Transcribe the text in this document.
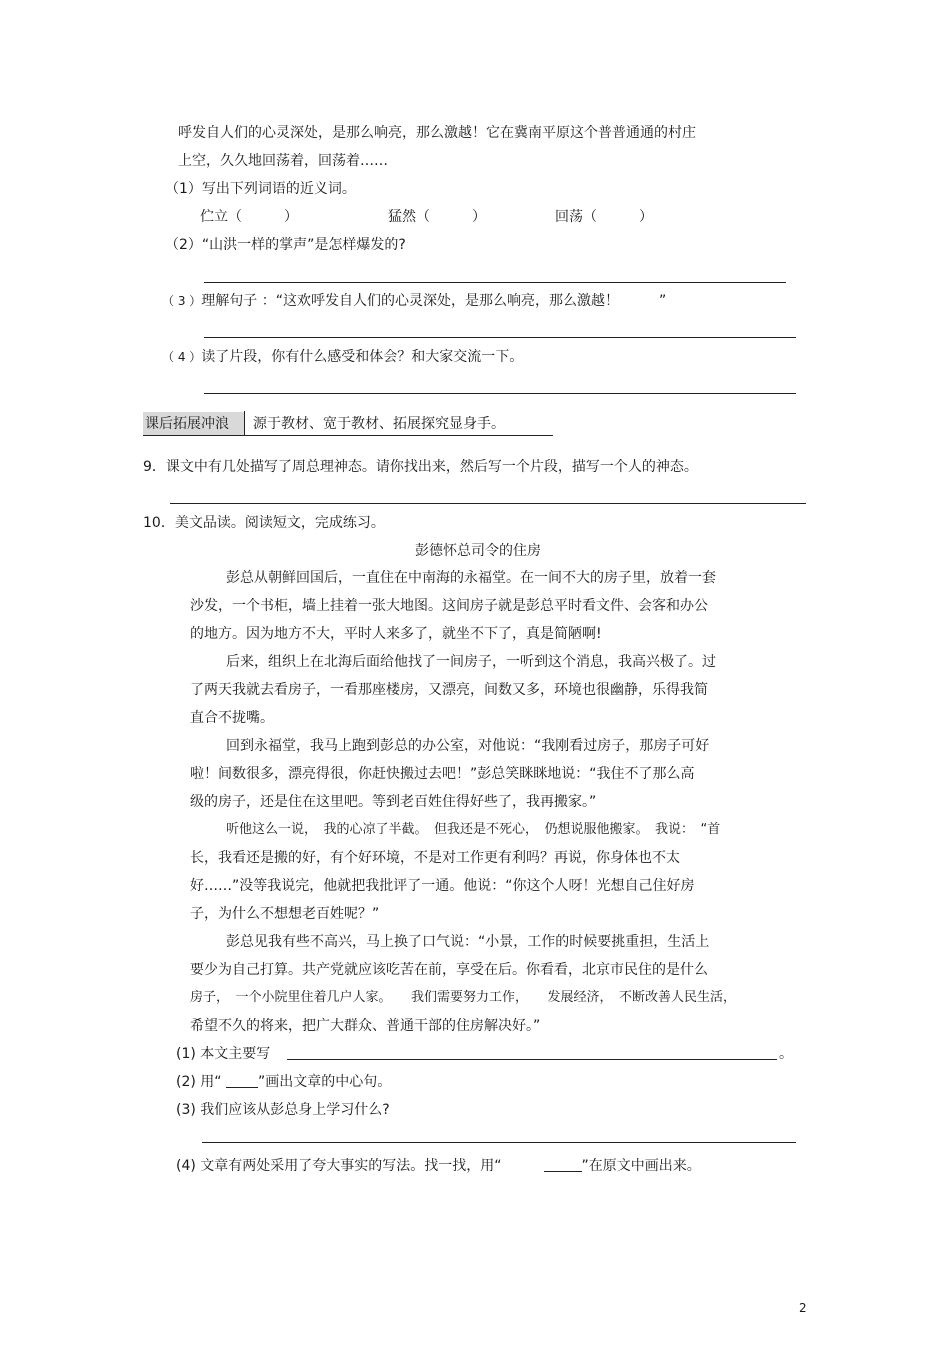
呼发自人们的心灵深处，是那么响亮，那么激越！它在冀南平原这个普普通通的村庄
上空，久久地回荡着，回荡着……
（1）写出下列词语的近义词。
伫立（　　　）	猛然（　　　）	回荡（　　　）
（2）“山洪一样的掌声”是怎样爆发的?
（ 3 ）理解句子 ：“这欢呼发自人们的心灵深处，是那么响亮，那么激越！	”
（ 4 ）读了片段，你有什么感受和体会？和大家交流一下。
课后拓展冲浪	源于教材、宽于教材、拓展探究显身手。
9．课文中有几处描写了周总理神态。请你找出来，然后写一个片段，描写一个人的神态。
10．美文品读。阅读短文，完成练习。
彭德怀总司令的住房
彭总从朝鲜回国后，一直住在中南海的永福堂。在一间不大的房子里，放着一套
沙发，一个书柜，墙上挂着一张大地图。这间房子就是彭总平时看文件、会客和办公
的地方。因为地方不大，平时人来多了，就坐不下了，真是简陋啊!
后来，组织上在北海后面给他找了一间房子，一听到这个消息，我高兴极了。过
了两天我就去看房子，一看那座楼房，又漂亮，间数又多，环境也很幽静，乐得我简
直合不拢嘴。
回到永福堂，我马上跑到彭总的办公室，对他说：“我刚看过房子，那房子可好
啦！间数很多，漂亮得很，你赶快搬过去吧！”彭总笑眯眯地说：“我住不了那么高
级的房子，还是住在这里吧。等到老百姓住得好些了，我再搬家。”
听他这么一说，　我的心凉了半截。　但我还是不死心，　仍想说服他搬家。　我说：　“首
长，我看还是搬的好，有个好环境，不是对工作更有利吗？再说，你身体也不太
好……”没等我说完，他就把我批评了一通。他说：“你这个人呀！光想自己住好房
子，为什么不想想老百姓呢？”
彭总见我有些不高兴，马上换了口气说：“小景，工作的时候要挑重担，生活上
要少为自己打算。共产党就应该吃苦在前，享受在后。你看看，北京市民住的是什么
房子，　一个小院里住着几户人家。　　我们需要努力工作，　　发展经济，　不断改善人民生活，
希望不久的将来，把广大群众、普通干部的住房解决好。”
(1) 本文主要写	。
(2) 用“ ”画出文章的中心句。
(3) 我们应该从彭总身上学习什么?
(4) 文章有两处采用了夸大事实的写法。找一找，用“	”在原文中画出来。
2
